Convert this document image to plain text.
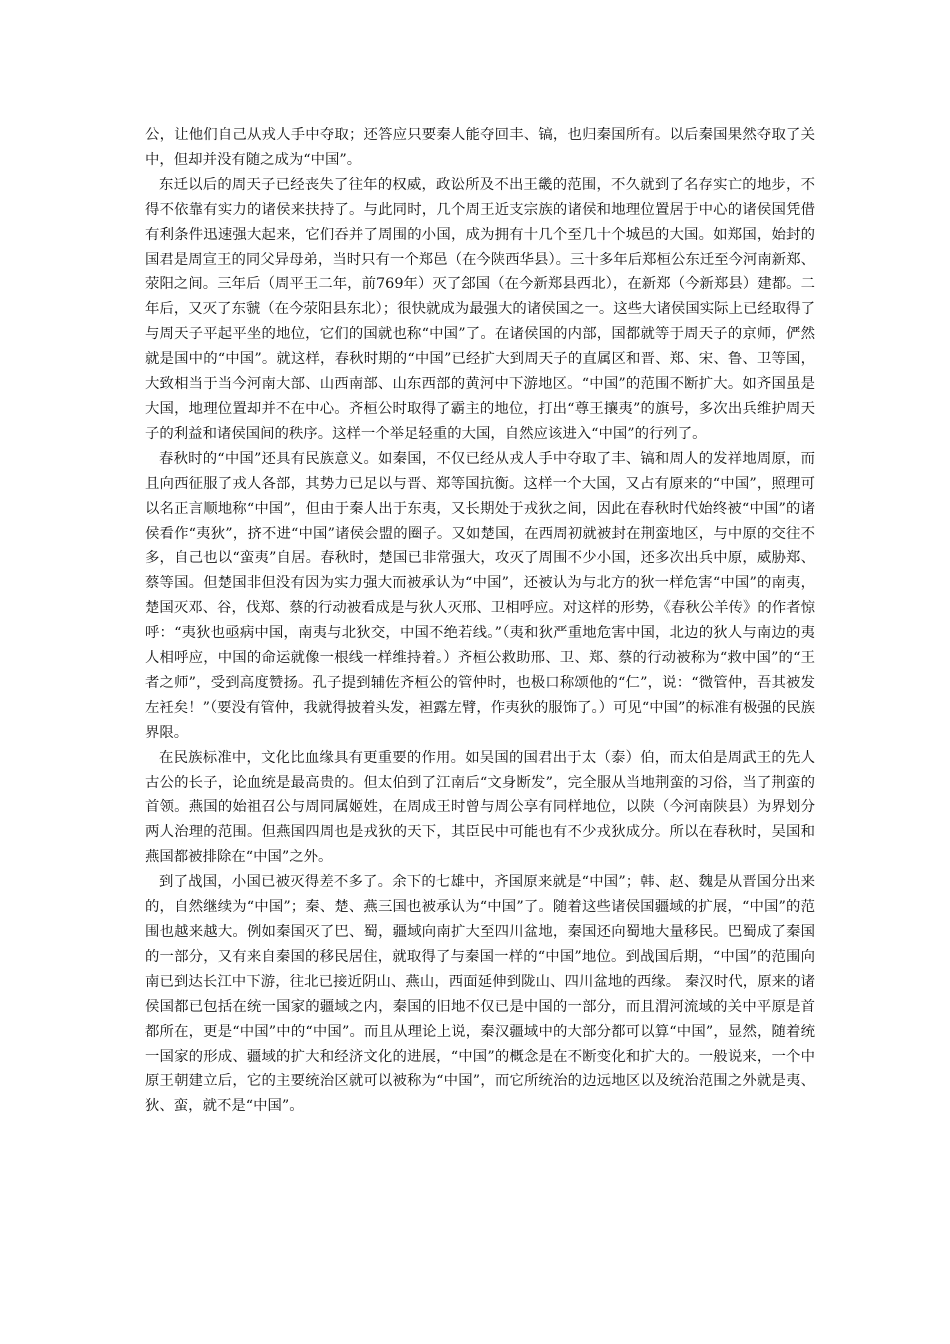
公，让他们自己从戎人手中夺取；还答应只要秦人能夺回丰、镐，也归秦国所有。以后秦国果然夺取了关中，但却并没有随之成为“中国”。

东迁以后的周天子已经丧失了往年的权威，政讼所及不出王畿的范围，不久就到了名存实亡的地步，不得不依靠有实力的诸侯来扶持了。与此同时，几个周王近支宗族的诸侯和地理位置居于中心的诸侯国凭借有利条件迅速强大起来，它们吞并了周围的小国，成为拥有十几个至几十个城邑的大国。如郑国，始封的国君是周宣王的同父异母弟，当时只有一个郑邑（在今陕西华县）。三十多年后郑桓公东迁至今河南新郑、荥阳之间。三年后（周平王二年，前769年）灭了郐国（在今新郑县西北），在新郑（今新郑县）建都。二年后，又灭了东虢（在今荥阳县东北）；很快就成为最强大的诸侯国之一。这些大诸侯国实际上已经取得了与周天子平起平坐的地位，它们的国就也称“中国”了。在诸侯国的内部，国都就等于周天子的京师，俨然就是国中的“中国”。就这样，春秋时期的“中国”已经扩大到周天子的直属区和晋、郑、宋、鲁、卫等国，大致相当于当今河南大部、山西南部、山东西部的黄河中下游地区。“中国”的范围不断扩大。如齐国虽是大国，地理位置却并不在中心。齐桓公时取得了霸主的地位，打出“尊王攘夷”的旗号，多次出兵维护周天子的利益和诸侯国间的秩序。这样一个举足轻重的大国，自然应该进入“中国”的行列了。

春秋时的“中国”还具有民族意义。如秦国，不仅已经从戎人手中夺取了丰、镐和周人的发祥地周原，而且向西征服了戎人各部，其势力已足以与晋、郑等国抗衡。这样一个大国，又占有原来的“中国”，照理可以名正言顺地称“中国”，但由于秦人出于东夷，又长期处于戎狄之间，因此在春秋时代始终被“中国”的诸侯看作“夷狄”，挤不进“中国”诸侯会盟的圈子。又如楚国，在西周初就被封在荆蛮地区，与中原的交往不多，自己也以“蛮夷”自居。春秋时，楚国已非常强大，攻灭了周围不少小国，还多次出兵中原，威胁郑、蔡等国。但楚国非但没有因为实力强大而被承认为“中国”，还被认为与北方的狄一样危害“中国”的南夷，楚国灭邓、谷，伐郑、蔡的行动被看成是与狄人灭邢、卫相呼应。对这样的形势，《春秋公羊传》的作者惊呼：“夷狄也亟病中国，南夷与北狄交，中国不绝若线。”（夷和狄严重地危害中国，北边的狄人与南边的夷人相呼应，中国的命运就像一根线一样维持着。）齐桓公救助邢、卫、郑、蔡的行动被称为“救中国”的“王者之师”，受到高度赞扬。孔子提到辅佐齐桓公的管仲时，也极口称颂他的“仁”，说：“微管仲，吾其被发左衽矣！”（要没有管仲，我就得披着头发，袒露左臂，作夷狄的服饰了。）可见“中国”的标准有极强的民族界限。

在民族标准中，文化比血缘具有更重要的作用。如吴国的国君出于太（泰）伯，而太伯是周武王的先人古公的长子，论血统是最高贵的。但太伯到了江南后“文身断发”，完全服从当地荆蛮的习俗，当了荆蛮的首领。燕国的始祖召公与周同属姬姓，在周成王时曾与周公享有同样地位，以陕（今河南陕县）为界划分两人治理的范围。但燕国四周也是戎狄的天下，其臣民中可能也有不少戎狄成分。所以在春秋时，吴国和燕国都被排除在“中国”之外。

到了战国，小国已被灭得差不多了。余下的七雄中，齐国原来就是“中国”；韩、赵、魏是从晋国分出来的，自然继续为“中国”；秦、楚、燕三国也被承认为“中国”了。随着这些诸侯国疆域的扩展，“中国”的范围也越来越大。例如秦国灭了巴、蜀，疆域向南扩大至四川盆地，秦国还向蜀地大量移民。巴蜀成了秦国的一部分，又有来自秦国的移民居住，就取得了与秦国一样的“中国”地位。到战国后期，“中国”的范围向南已到达长江中下游，往北已接近阴山、燕山，西面延伸到陇山、四川盆地的西缘。 秦汉时代，原来的诸侯国都已包括在统一国家的疆域之内，秦国的旧地不仅已是中国的一部分，而且渭河流域的关中平原是首都所在，更是“中国”中的“中国”。而且从理论上说，秦汉疆域中的大部分都可以算“中国”，显然，随着统一国家的形成、疆域的扩大和经济文化的进展，“中国”的概念是在不断变化和扩大的。一般说来，一个中原王朝建立后，它的主要统治区就可以被称为“中国”，而它所统治的边远地区以及统治范围之外就是夷、狄、蛮，就不是“中国”。
